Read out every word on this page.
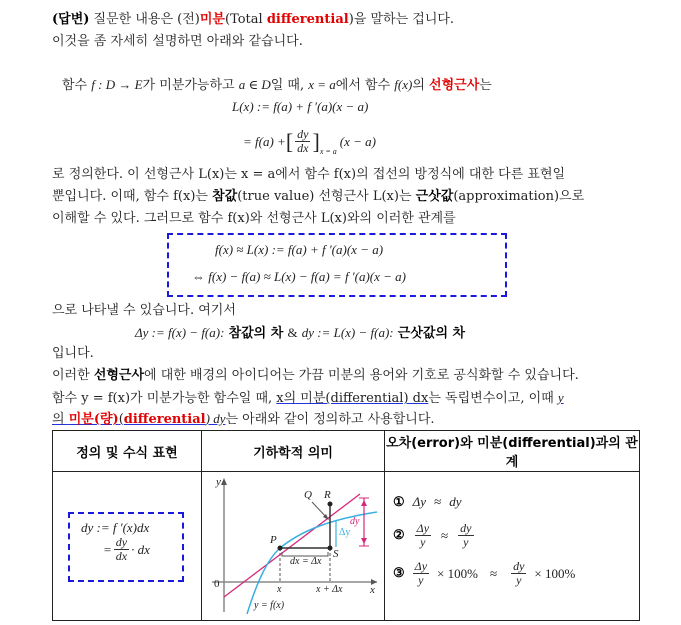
(답변) 질문한 내용은 (전)미분(Total differential)을 말하는 겁니다.
이것을 좀 자세히 설명하면 아래와 같습니다.
함수 f : D → E가 미분가능하고 a ∈ D일 때, x = a에서 함수 f(x)의 선형근사는
L(x) := f(a) + f ′(a)(x − a)
= f(a) + [ $\frac{dy}{dx}$ ] x = a
(x − a)
로 정의한다. 이 선형근사 L(x)는 x = a에서 함수 f(x)의 접선의 방정식에 대한 다른 표현일
뿐입니다. 이때, 함수 f(x)는 참값(true value) 선형근사 L(x)는 근삿값(approximation)으로
이해할 수 있다. 그러므로 함수 f(x)와 선형근사 L(x)와의 이러한 관계를
f(x) ≈ L(x) := f(a) + f ′(a)(x − a)
⇔ f(x) − f(a) ≈ L(x) − f(a) = f ′(a)(x − a)
으로 나타낼 수 있습니다. 여기서
Δy := f(x) − f(a): 참값의 차 & dy := L(x) − f(a): 근삿값의 차
입니다.
이러한 선형근사에 대한 배경의 아이디어는 가끔 미분의 용어와 기호로 공식화할 수 있습니다.
함수 y = f(x)가 미분가능한 함수일 때, x의 미분(differential) dx는 독립변수이고, 이때 y
의 미분(량)(differential) dy는 아래와 같이 정의하고 사용합니다.
정의 및 수식 표현	기하학적 의미	오차(error)와 미분(differential)과의 관계

dy := f ′(x)dx
= $\frac{dy}{dx}$ · dx

y
x
0
P
Q R
S
dx = Δx
Δy
dy
x	x + Δx
y = f(x)

① Δy ≈ dy
② $\frac{\Delta y}{y} \approx \frac{dy}{y}$
③ $\frac{\Delta y}{y} \times 100\% \approx \frac{dy}{y} \times 100\%$
